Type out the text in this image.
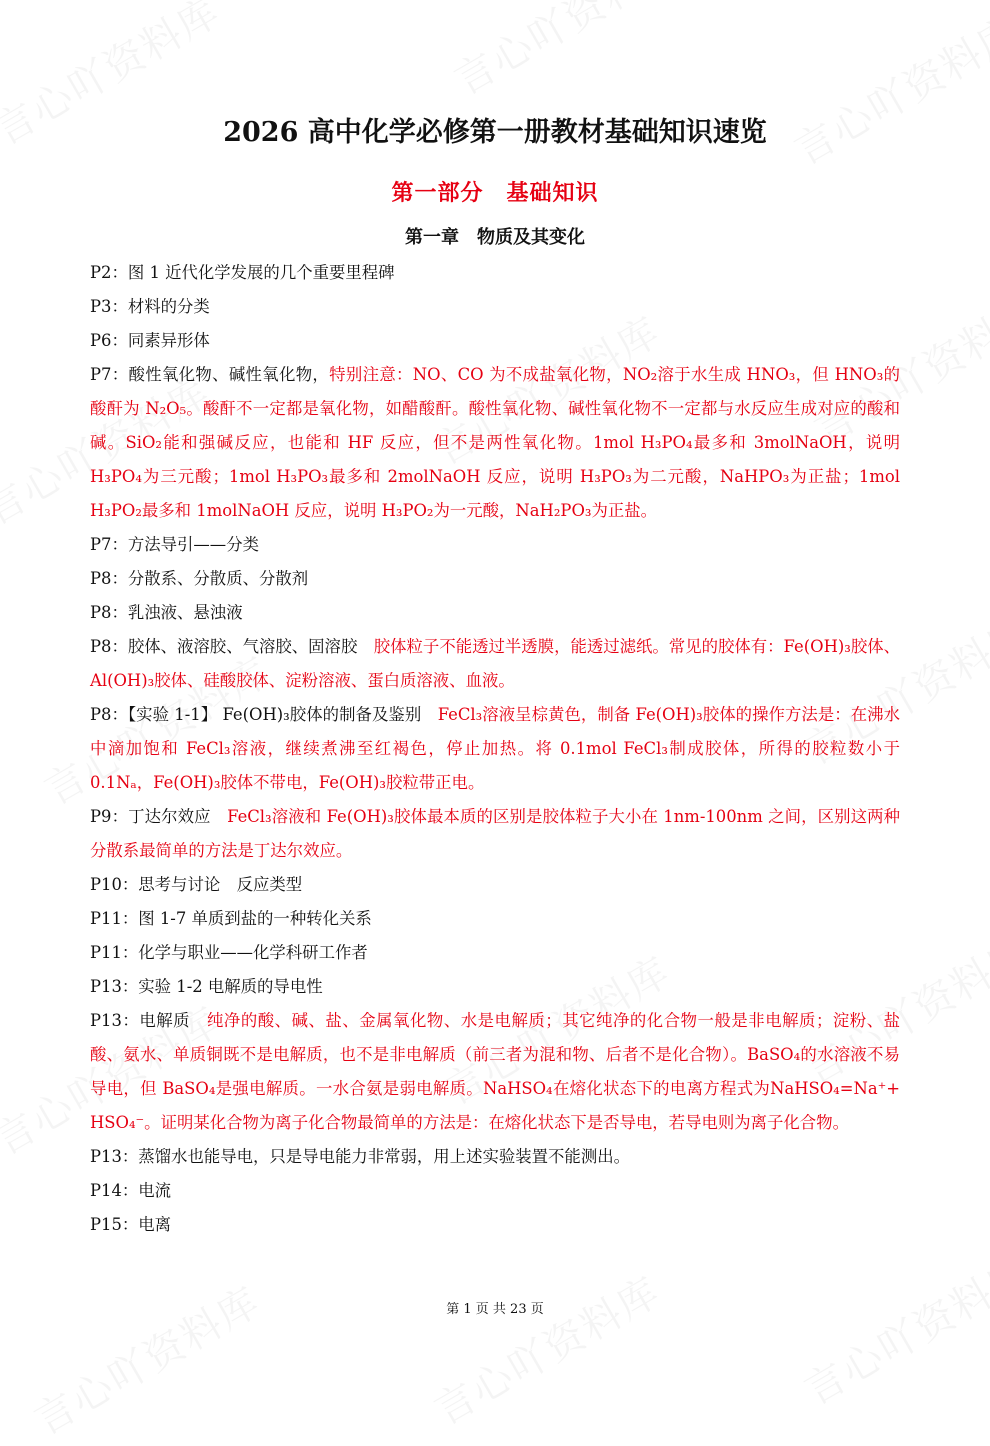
2026 高中化学必修第一册教材基础知识速览
第一部分　基础知识
第一章　物质及其变化

P2：图 1 近代化学发展的几个重要里程碑

P3：材料的分类

P6：同素异形体

P7：酸性氧化物、碱性氧化物，特别注意：NO、CO 为不成盐氧化物，NO₂溶于水生成 HNO₃，但 HNO₃的酸酐为 N₂O₅。酸酐不一定都是氧化物，如醋酸酐。酸性氧化物、碱性氧化物不一定都与水反应生成对应的酸和碱。SiO₂能和强碱反应，也能和 HF 反应，但不是两性氧化物。1mol H₃PO₄最多和 3molNaOH，说明H₃PO₄为三元酸；1mol H₃PO₃最多和 2molNaOH 反应，说明 H₃PO₃为二元酸，NaHPO₃为正盐；1mol H₃PO₂最多和 1molNaOH 反应，说明 H₃PO₂为一元酸，NaH₂PO₃为正盐。

P7：方法导引——分类

P8：分散系、分散质、分散剂

P8：乳浊液、悬浊液

P8：胶体、液溶胶、气溶胶、固溶胶　胶体粒子不能透过半透膜，能透过滤纸。常见的胶体有：Fe(OH)₃胶体、Al(OH)₃胶体、硅酸胶体、淀粉溶液、蛋白质溶液、血液。

P8：【实验 1-1】 Fe(OH)₃胶体的制备及鉴别　FeCl₃溶液呈棕黄色，制备 Fe(OH)₃胶体的操作方法是：在沸水中滴加饱和 FeCl₃溶液，继续煮沸至红褐色，停止加热。将 0.1mol FeCl₃制成胶体，所得的胶粒数小于 0.1Nₐ，Fe(OH)₃胶体不带电，Fe(OH)₃胶粒带正电。

P9：丁达尔效应　FeCl₃溶液和 Fe(OH)₃胶体最本质的区别是胶体粒子大小在 1nm-100nm 之间，区别这两种分散系最简单的方法是丁达尔效应。

P10：思考与讨论　反应类型

P11：图 1-7 单质到盐的一种转化关系

P11：化学与职业——化学科研工作者

P13：实验 1-2 电解质的导电性

P13：电解质　纯净的酸、碱、盐、金属氧化物、水是电解质；其它纯净的化合物一般是非电解质；淀粉、盐酸、氨水、单质铜既不是电解质，也不是非电解质（前三者为混和物、后者不是化合物）。BaSO₄的水溶液不易导电，但 BaSO₄是强电解质。一水合氨是弱电解质。NaHSO₄在熔化状态下的电离方程式为NaHSO₄=Na⁺+ HSO₄⁻。证明某化合物为离子化合物最简单的方法是：在熔化状态下是否导电，若导电则为离子化合物。

P13：蒸馏水也能导电，只是导电能力非常弱，用上述实验装置不能测出。

P14：电流

P15：电离

第 1 页 共 23 页
